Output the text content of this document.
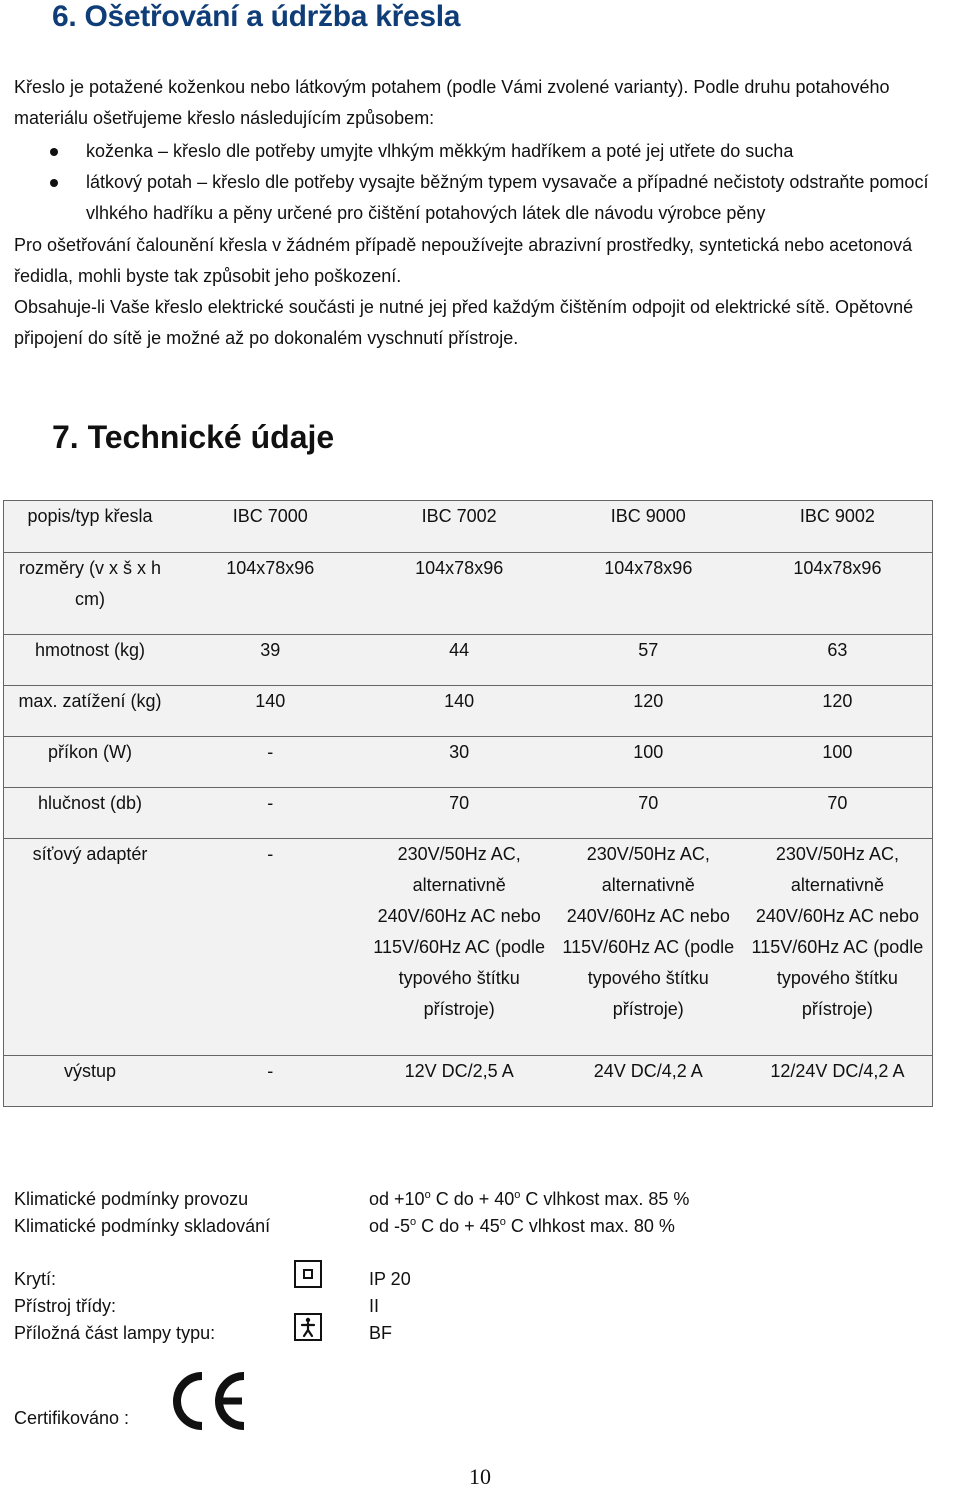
6. Ošetřování a údržba křesla
Křeslo je potažené koženkou nebo látkovým potahem (podle Vámi zvolené varianty). Podle druhu potahového materiálu ošetřujeme křeslo následujícím způsobem:
koženka – křeslo dle potřeby umyjte vlhkým měkkým hadříkem a poté jej utřete do sucha
látkový potah – křeslo dle potřeby vysajte běžným typem vysavače a případné nečistoty odstraňte pomocí vlhkého hadříku a pěny určené pro čištění potahových látek dle návodu výrobce pěny
Pro ošetřování čalounění křesla v žádném případě nepoužívejte abrazivní prostředky, syntetická nebo acetonová ředidla, mohli byste tak způsobit jeho poškození.
Obsahuje-li Vaše křeslo elektrické součásti je nutné jej před každým čištěním odpojit od elektrické sítě. Opětovné připojení do sítě je možné až po dokonalém vyschnutí přístroje.
7. Technické údaje
popis/typ křesla	IBC 7000	IBC 7002	IBC 9000	IBC 9002
rozměry (v x š x h cm)	104x78x96	104x78x96	104x78x96	104x78x96
hmotnost (kg)	39	44	57	63
max. zatížení (kg)	140	140	120	120
příkon (W)	-	30	100	100
hlučnost (db)	-	70	70	70
síťový adaptér	-	230V/50Hz AC, alternativně 240V/60Hz AC nebo 115V/60Hz AC (podle typového štítku přístroje)	230V/50Hz AC, alternativně 240V/60Hz AC nebo 115V/60Hz AC (podle typového štítku přístroje)	230V/50Hz AC, alternativně 240V/60Hz AC nebo 115V/60Hz AC (podle typového štítku přístroje)
výstup	-	12V DC/2,5 A	24V DC/4,2 A	12/24V DC/4,2 A
Klimatické podmínky provozu	od $+10^o$ C do + $40^o$ C vlhkost max. 85 %
Klimatické podmínky skladování	od -5$^o$ C do + $45^o$ C vlhkost max. 80 %
Krytí:	IP 20
Přístroj třídy:	II
Příložná část lampy typu:	BF
Certifikováno :
10
